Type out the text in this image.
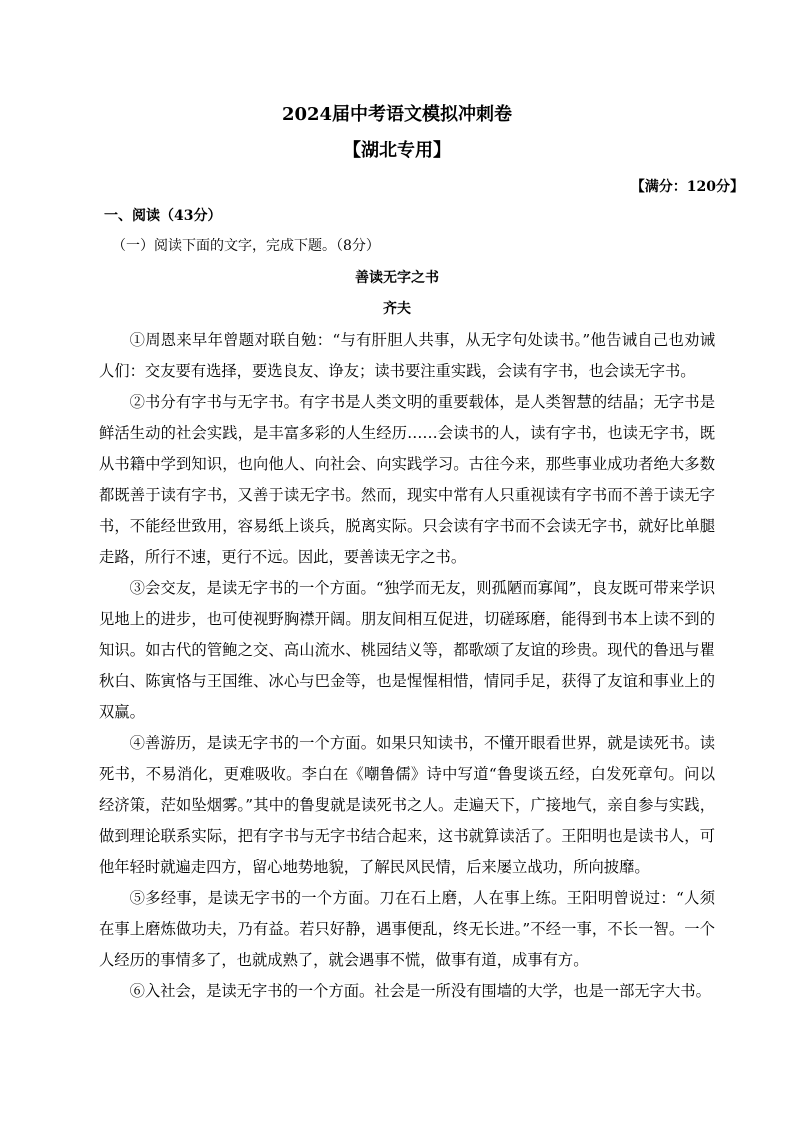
2024届中考语文模拟冲刺卷
【湖北专用】

【满分：120分】

一、阅读（43分）

（一）阅读下面的文字，完成下题。（8分）

善读无字之书

齐夫

①周恩来早年曾题对联自勉：“与有肝胆人共事，从无字句处读书。”他告诫自己也劝诫人们：交友要有选择，要选良友、诤友；读书要注重实践，会读有字书，也会读无字书。

②书分有字书与无字书。有字书是人类文明的重要载体，是人类智慧的结晶；无字书是鲜活生动的社会实践，是丰富多彩的人生经历……会读书的人，读有字书，也读无字书，既从书籍中学到知识，也向他人、向社会、向实践学习。古往今来，那些事业成功者绝大多数都既善于读有字书，又善于读无字书。然而，现实中常有人只重视读有字书而不善于读无字书，不能经世致用，容易纸上谈兵，脱离实际。只会读有字书而不会读无字书，就好比单腿走路，所行不速，更行不远。因此，要善读无字之书。

③会交友，是读无字书的一个方面。“独学而无友，则孤陋而寡闻”，良友既可带来学识见地上的进步，也可使视野胸襟开阔。朋友间相互促进，切磋琢磨，能得到书本上读不到的知识。如古代的管鲍之交、高山流水、桃园结义等，都歌颂了友谊的珍贵。现代的鲁迅与瞿秋白、陈寅恪与王国维、冰心与巴金等，也是惺惺相惜，情同手足，获得了友谊和事业上的双赢。

④善游历，是读无字书的一个方面。如果只知读书，不懂开眼看世界，就是读死书。读死书，不易消化，更难吸收。李白在《嘲鲁儒》诗中写道“鲁叟谈五经，白发死章句。问以经济策，茫如坠烟雾。”其中的鲁叟就是读死书之人。走遍天下，广接地气，亲自参与实践，做到理论联系实际，把有字书与无字书结合起来，这书就算读活了。王阳明也是读书人，可他年轻时就遍走四方，留心地势地貌，了解民风民情，后来屡立战功，所向披靡。

⑤多经事，是读无字书的一个方面。刀在石上磨，人在事上练。王阳明曾说过：“人须在事上磨炼做功夫，乃有益。若只好静，遇事便乱，终无长进。”不经一事，不长一智。一个人经历的事情多了，也就成熟了，就会遇事不慌，做事有道，成事有方。

⑥入社会，是读无字书的一个方面。社会是一所没有围墙的大学，也是一部无字大书。
